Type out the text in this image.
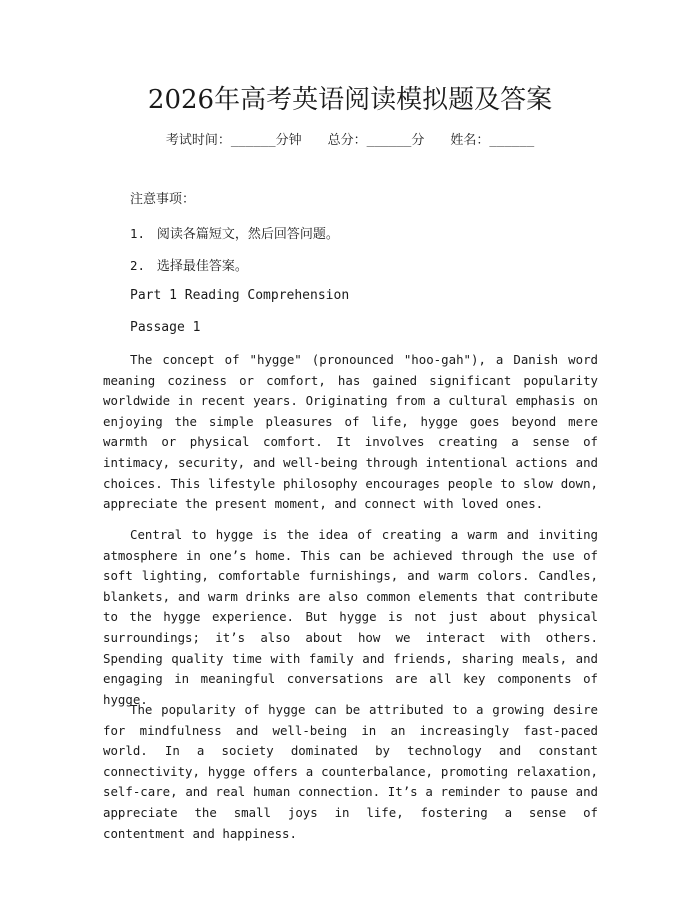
2026年高考英语阅读模拟题及答案
考试时间：______分钟 总分：______分 姓名：______
注意事项：
1. 阅读各篇短文，然后回答问题。
2. 选择最佳答案。
Part 1 Reading Comprehension
Passage 1

The concept of "hygge" (pronounced "hoo-gah"), a Danish word meaning coziness or comfort, has gained significant popularity worldwide in recent years. Originating from a cultural emphasis on enjoying the simple pleasures of life, hygge goes beyond mere warmth or physical comfort. It involves creating a sense of intimacy, security, and well-being through intentional actions and choices. This lifestyle philosophy encourages people to slow down, appreciate the present moment, and connect with loved ones.

Central to hygge is the idea of creating a warm and inviting atmosphere in one’s home. This can be achieved through the use of soft lighting, comfortable furnishings, and warm colors. Candles, blankets, and warm drinks are also common elements that contribute to the hygge experience. But hygge is not just about physical surroundings; it’s also about how we interact with others. Spending quality time with family and friends, sharing meals, and engaging in meaningful conversations are all key components of hygge.

The popularity of hygge can be attributed to a growing desire for mindfulness and well-being in an increasingly fast-paced world. In a society dominated by technology and constant connectivity, hygge offers a counterbalance, promoting relaxation, self-care, and real human connection. It’s a reminder to pause and appreciate the small joys in life, fostering a sense of contentment and happiness.
